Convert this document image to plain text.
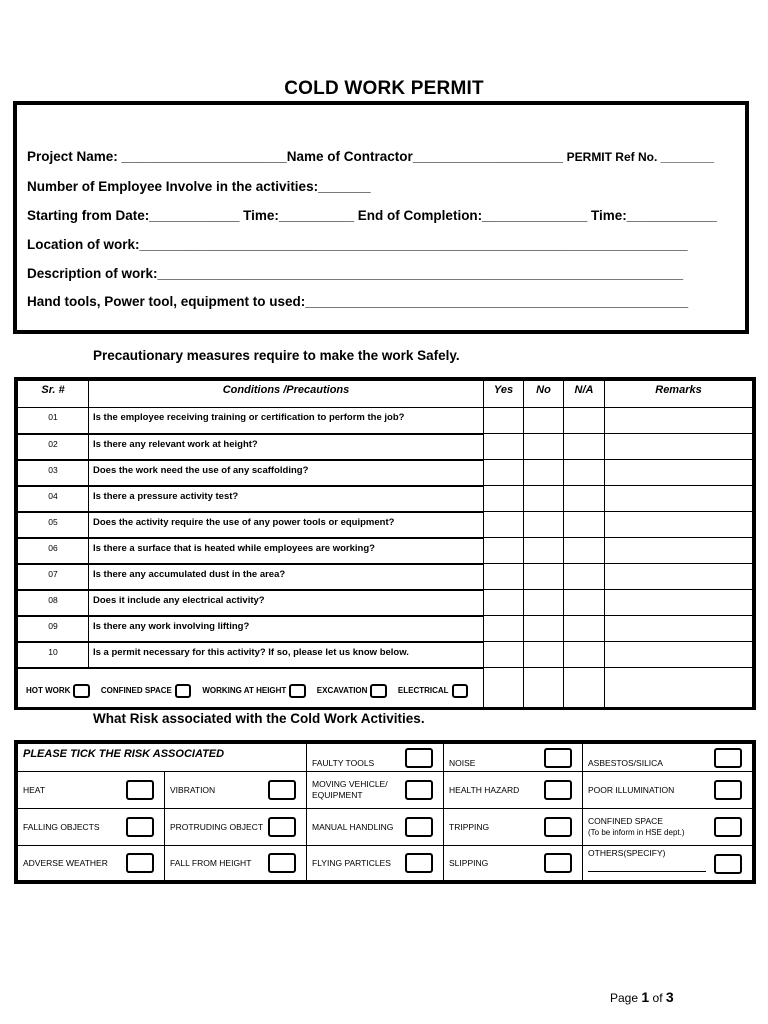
COLD WORK PERMIT
Project Name: ______________________Name of Contractor____________________ PERMIT Ref No. ________
Number of Employee Involve in the activities:_______
Starting from Date:____________ Time:__________ End of Completion:______________ Time:____________
Location of work:_________________________________________________________________________
Description of work:______________________________________________________________________
Hand tools, Power tool, equipment to used:___________________________________________________
Precautionary measures require to make the work Safely.
Sr. #	Conditions /Precautions	Yes	No	N/A	Remarks
01	Is the employee receiving training or certification to perform the job?				
02	Is there any relevant work at height?				
03	Does the work need the use of any scaffolding?				
04	Is there a pressure activity test?				
05	Does the activity require the use of any power tools or equipment?				
06	Is there a surface that is heated while employees are working?				
07	Is there any accumulated dust in the area?				
08	Does it include any electrical activity?				
09	Is there any work involving lifting?				
10	Is a permit necessary for this activity? If so, please let us know below.				

HOT WORK CONFINED SPACE WORKING AT HEIGHT EXCAVATION ELECTRICAL					

What Risk associated with the Cold Work Activities.
PLEASE TICK THE RISK ASSOCIATED		FAULTY TOOLS	NOISE	ASBESTOS/SILICA

HEAT	VIBRATION	MOVING VEHICLE/ EQUIPMENT	HEALTH HAZARD	POOR ILLUMINATION

FALLING OBJECTS	PROTRUDING OBJECT	MANUAL HANDLING	TRIPPING	CONFINED SPACE
(To be inform in HSE dept.)

ADVERSE WEATHER	FALL FROM HEIGHT	FLYING PARTICLES	SLIPPING	OTHERS(SPECIFY)
Page 1 of 3
